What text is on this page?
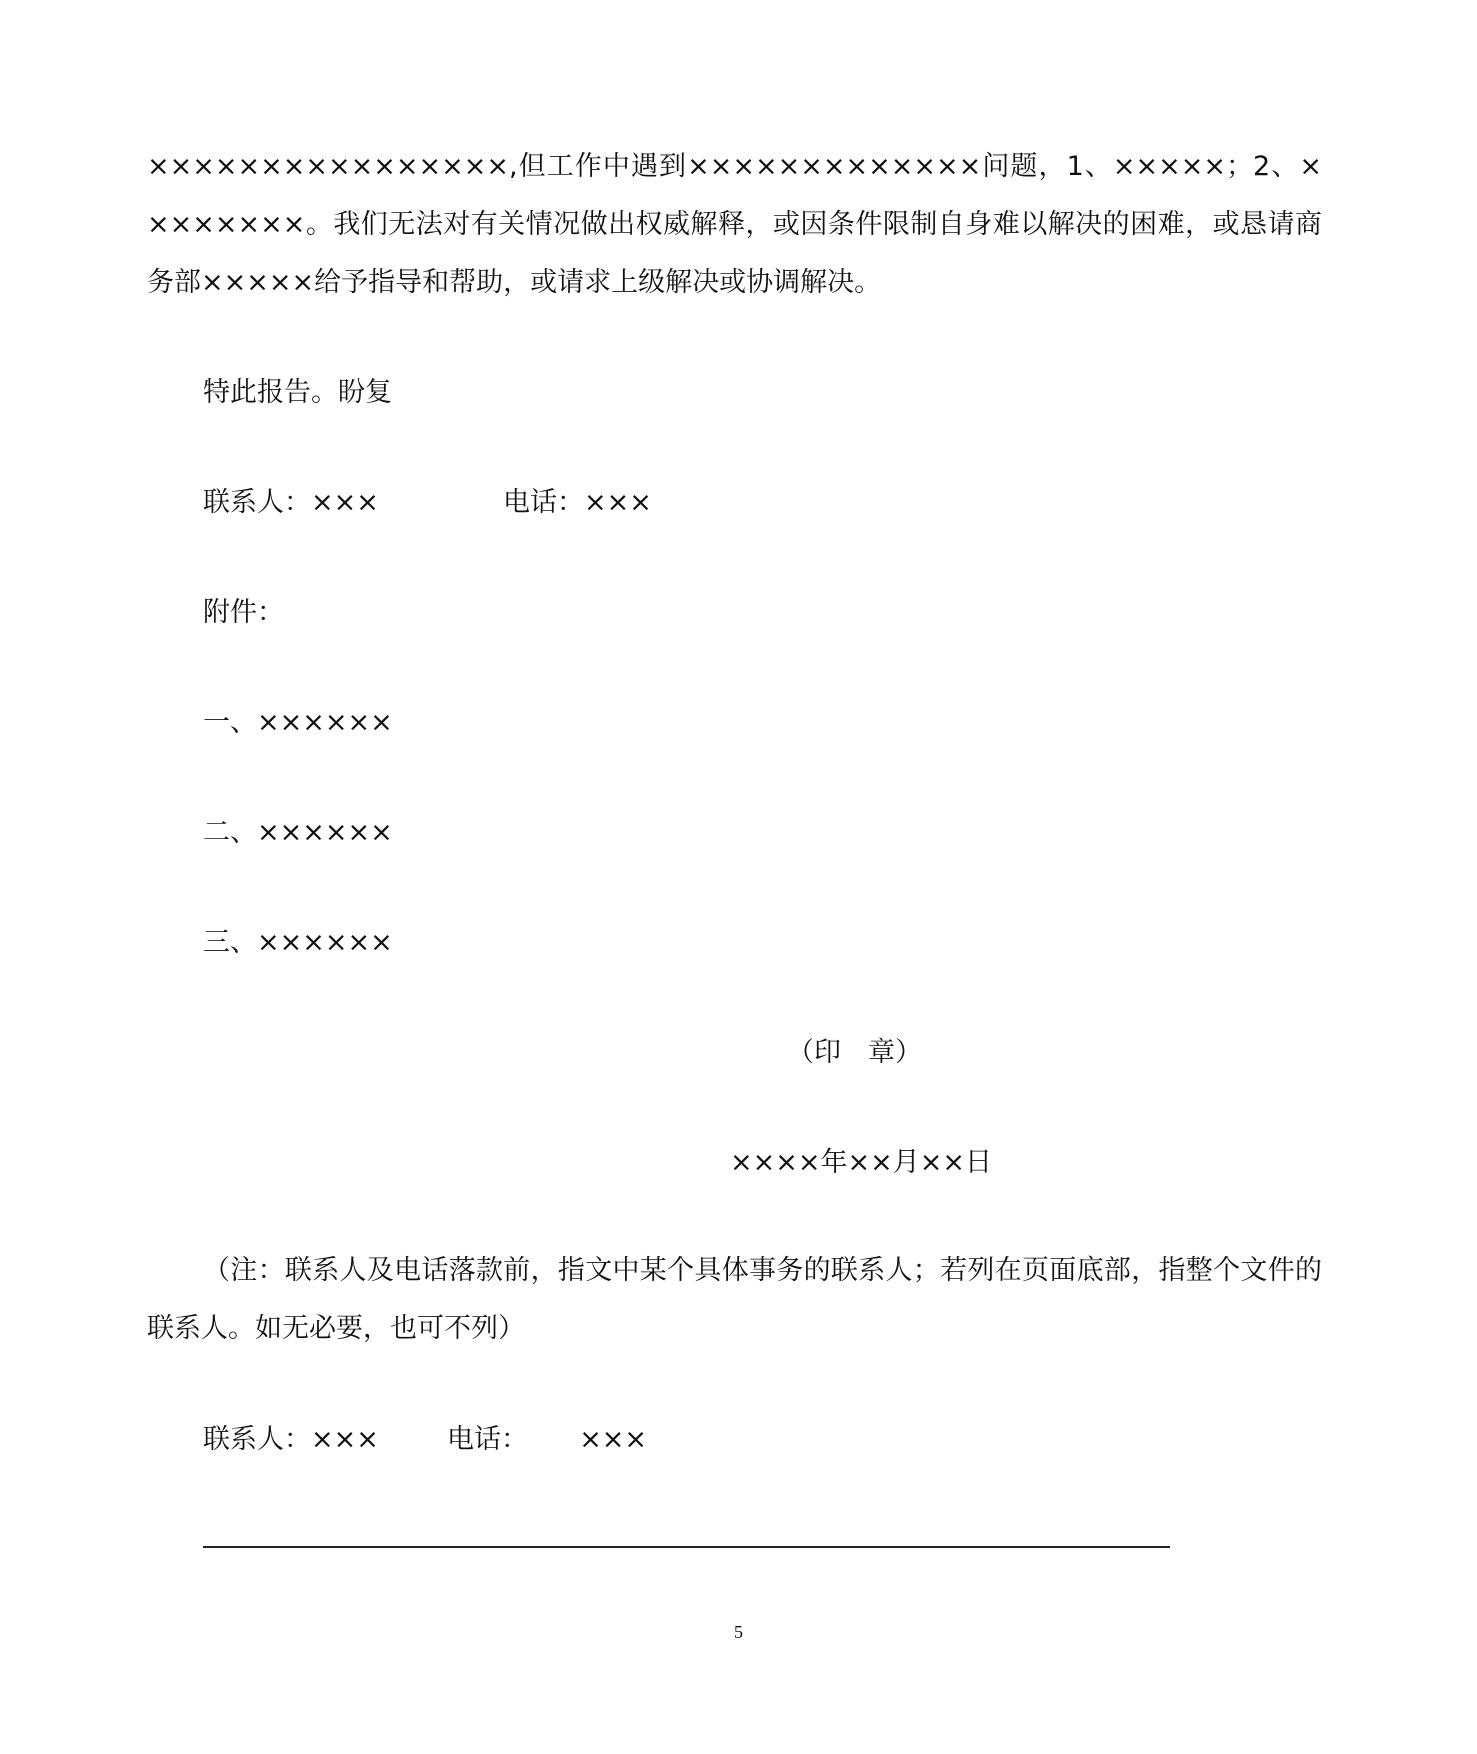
××××××××××××××××,但工作中遇到×××××××××××××问题，1、×××××；2、××××××××。我们无法对有关情况做出权威解释，或因条件限制自身难以解决的困难，或恳请商务部×××××给予指导和帮助，或请求上级解决或协调解决。
特此报告。盼复
联系人：×××	电话：×××
附件：
一、××××××
二、××××××
三、××××××
（印　章）
××××年××月××日
（注：联系人及电话落款前，指文中某个具体事务的联系人；若列在页面底部，指整个文件的联系人。如无必要，也可不列）
联系人：×××	电话： ×××
5
